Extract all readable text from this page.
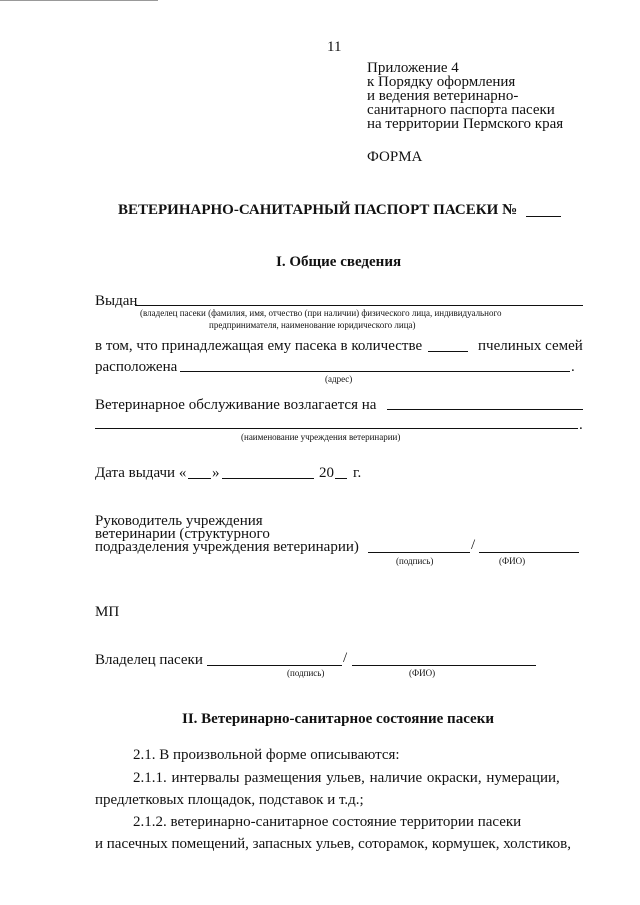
11
Приложение 4
к Порядку оформления
и ведения ветеринарно-
санитарного паспорта пасеки
на территории Пермского края
ФОРМА
ВЕТЕРИНАРНО-САНИТАРНЫЙ ПАСПОРТ ПАСЕКИ №
I. Общие сведения
Выдан
(владелец пасеки (фамилия, имя, отчество (при наличии) физического лица, индивидуального
предпринимателя, наименование юридического лица)
в том, что принадлежащая ему пасека в количестве	пчелиных семей
расположена	.
(адрес)
Ветеринарное обслуживание возлагается на
.
(наименование учреждения ветеринарии)
Дата выдачи « »	20 г.
Руководитель учреждения
ветеринарии (структурного
подразделения учреждения ветеринарии)	/
(подпись)	(ФИО)
МП
Владелец пасеки	/
(подпись)	(ФИО)
II. Ветеринарно-санитарное состояние пасеки
2.1. В произвольной форме описываются:
2.1.1. интервалы размещения ульев, наличие окраски, нумерации,
предлетковых площадок, подставок и т.д.;
2.1.2. ветеринарно-санитарное состояние территории пасеки
и пасечных помещений, запасных ульев, соторамок, кормушек, холстиков,
